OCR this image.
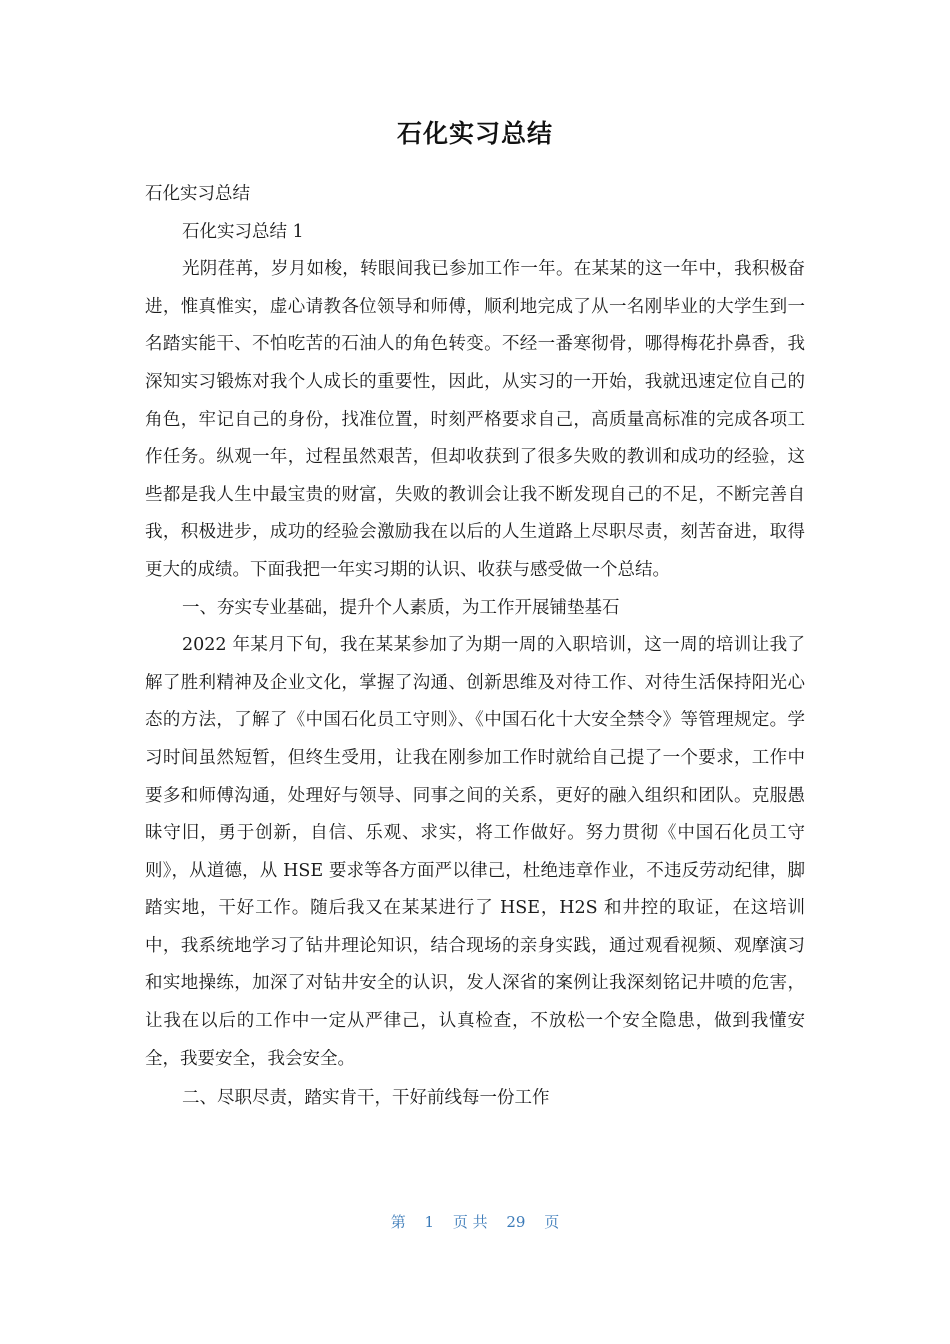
石化实习总结

石化实习总结

石化实习总结 1

光阴荏苒，岁月如梭，转眼间我已参加工作一年。在某某的这一年中，我积极奋进，惟真惟实，虚心请教各位领导和师傅，顺利地完成了从一名刚毕业的大学生到一名踏实能干、不怕吃苦的石油人的角色转变。不经一番寒彻骨，哪得梅花扑鼻香，我深知实习锻炼对我个人成长的重要性，因此，从实习的一开始，我就迅速定位自己的角色，牢记自己的身份，找准位置，时刻严格要求自己，高质量高标准的完成各项工作任务。纵观一年，过程虽然艰苦，但却收获到了很多失败的教训和成功的经验，这些都是我人生中最宝贵的财富，失败的教训会让我不断发现自己的不足，不断完善自我，积极进步，成功的经验会激励我在以后的人生道路上尽职尽责，刻苦奋进，取得更大的成绩。下面我把一年实习期的认识、收获与感受做一个总结。

一、夯实专业基础，提升个人素质，为工作开展铺垫基石

2022 年某月下旬，我在某某参加了为期一周的入职培训，这一周的培训让我了解了胜利精神及企业文化，掌握了沟通、创新思维及对待工作、对待生活保持阳光心态的方法，了解了《中国石化员工守则》、《中国石化十大安全禁令》等管理规定。学习时间虽然短暂，但终生受用，让我在刚参加工作时就给自己提了一个要求，工作中要多和师傅沟通，处理好与领导、同事之间的关系，更好的融入组织和团队。克服愚昧守旧，勇于创新，自信、乐观、求实，将工作做好。努力贯彻《中国石化员工守则》，从道德，从 HSE 要求等各方面严以律己，杜绝违章作业，不违反劳动纪律，脚踏实地，干好工作。随后我又在某某进行了 HSE，H2S 和井控的取证，在这培训中，我系统地学习了钻井理论知识，结合现场的亲身实践，通过观看视频、观摩演习和实地操练，加深了对钻井安全的认识，发人深省的案例让我深刻铭记井喷的危害，让我在以后的工作中一定从严律己，认真检查，不放松一个安全隐患，做到我懂安全，我要安全，我会安全。

二、尽职尽责，踏实肯干，干好前线每一份工作

第 1 页 共 29 页
